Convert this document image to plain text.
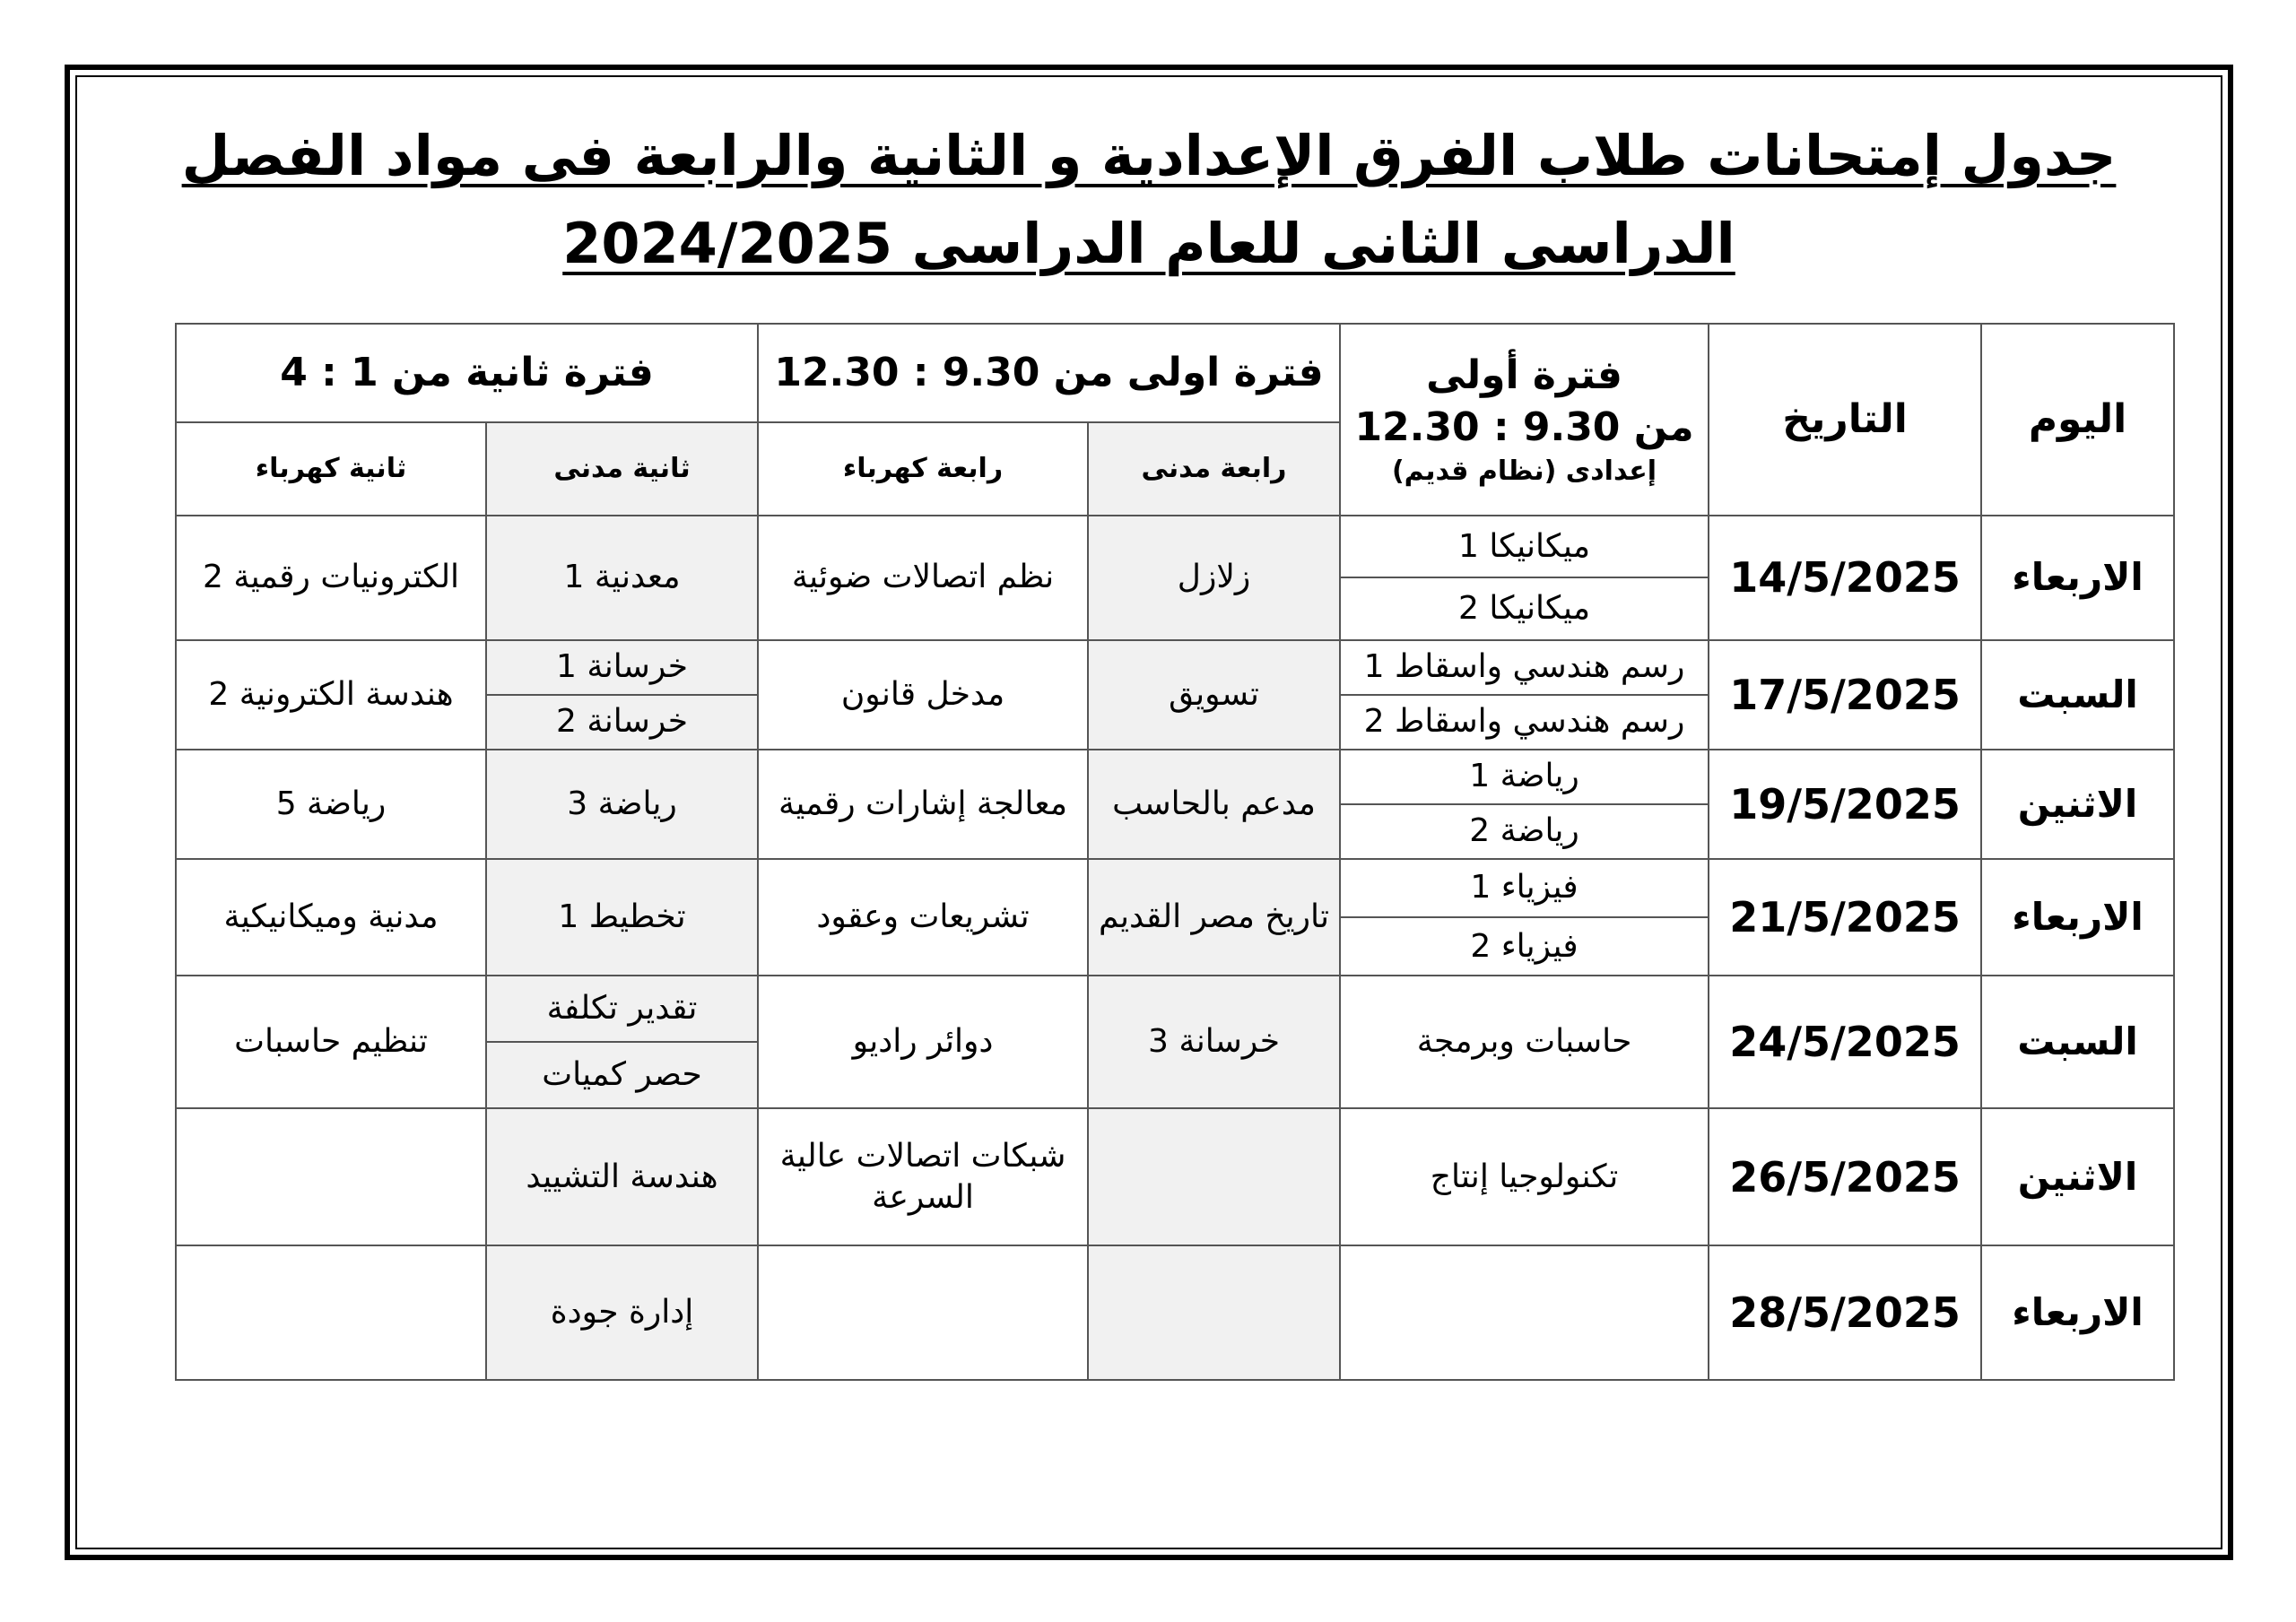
جدول إمتحانات طلاب الفرق الإعدادية و الثانية والرابعة فى مواد الفصل
الدراسى الثانى للعام الدراسى 2024/2025
اليوم	التاريخ	فترة أولى
من 9.30 : 12.30
إعدادى (نظام قديم)	فترة اولى من 9.30 : 12.30		فترة ثانية من 1 : 4	
			رابعة مدنى	رابعة كهرباء	ثانية مدنى	ثانية كهرباء
الاربعاء	14/5/2025	ميكانيكا 1	زلازل	نظم اتصالات ضوئية	معدنية 1	الكترونيات رقمية 2
		ميكانيكا 2				
السبت	17/5/2025	رسم هندسي واسقاط 1	تسويق	مدخل قانون	خرسانة 1	هندسة الكترونية 2
		رسم هندسي واسقاط 2			خرسانة 2	
الاثنين	19/5/2025	رياضة 1	مدعم بالحاسب	معالجة إشارات رقمية	رياضة 3	رياضة 5
		رياضة 2				
الاربعاء	21/5/2025	فيزياء 1	تاريخ مصر القديم	تشريعات وعقود	تخطيط 1	مدنية وميكانيكية
		فيزياء 2				
السبت	24/5/2025	حاسبات وبرمجة	خرسانة 3	دوائر راديو	تقدير تكلفة	تنظيم حاسبات
					حصر كميات	
الاثنين	26/5/2025	تكنولوجيا إنتاج		شبكات اتصالات عالية السرعة	هندسة التشييد	
الاربعاء	28/5/2025				إدارة جودة	
